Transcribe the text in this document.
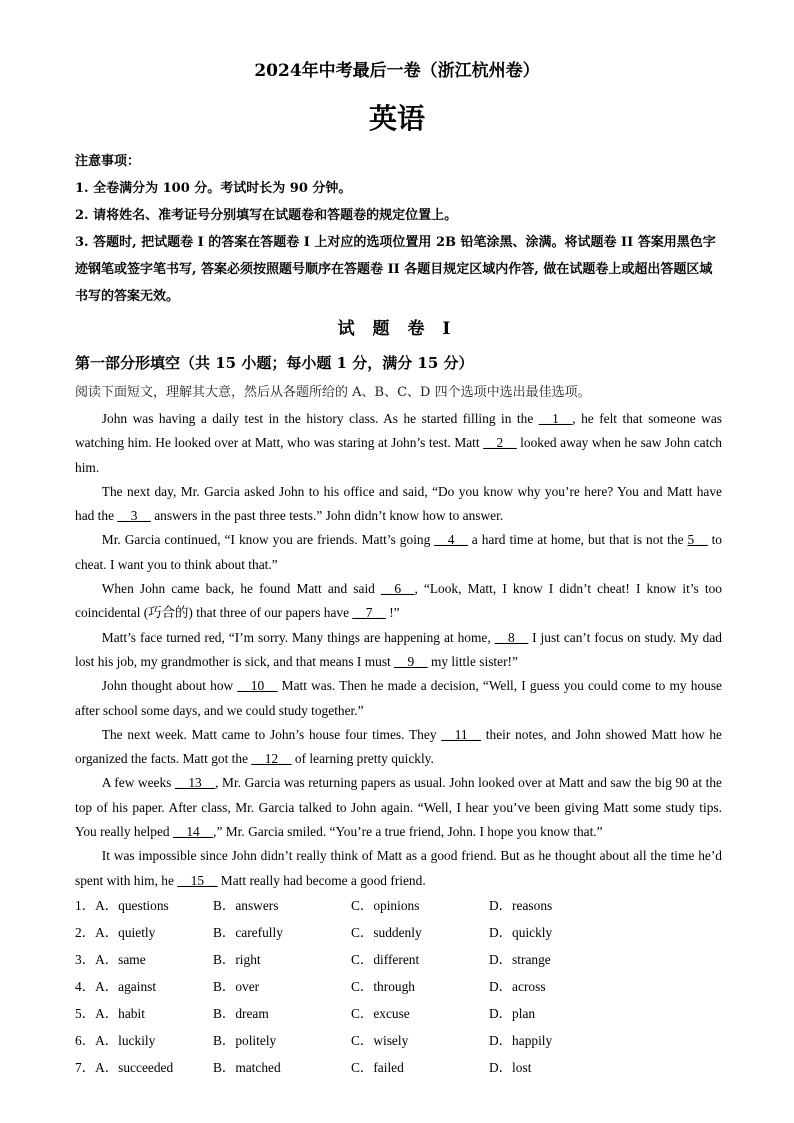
2024年中考最后一卷（浙江杭州卷）
英语
注意事项：
1. 全卷满分为 100 分。考试时长为 90 分钟。
2. 请将姓名、准考证号分别填写在试题卷和答题卷的规定位置上。
3. 答题时, 把试题卷 I 的答案在答题卷 I 上对应的选项位置用 2B 铅笔涂黑、涂满。将试题卷 II 答案用黑色字迹钢笔或签字笔书写, 答案必须按照题号顺序在答题卷 II 各题目规定区域内作答, 做在试题卷上或超出答题区域书写的答案无效。
试 题 卷 I
第一部分形填空（共 15 小题；每小题 1 分，满分 15 分）
阅读下面短文，理解其大意，然后从各题所给的 A、B、C、D 四个选项中选出最佳选项。

John was having a daily test in the history class. As he started filling in the __1__, he felt that someone was watching him. He looked over at Matt, who was staring at John’s test. Matt __2__ looked away when he saw John catch him.

The next day, Mr. Garcia asked John to his office and said, “Do you know why you’re here? You and Matt have had the __3__ answers in the past three tests.” John didn’t know how to answer.

Mr. Garcia continued, “I know you are friends. Matt’s going __4__ a hard time at home, but that is not the 5__ to cheat. I want you to think about that.”

When John came back, he found Matt and said __6__, “Look, Matt, I know I didn’t cheat! I know it’s too coincidental (巧合的) that three of our papers have __7__ !”

Matt’s face turned red, “I’m sorry. Many things are happening at home, __8__ I just can’t focus on study. My dad lost his job, my grandmother is sick, and that means I must __9__ my little sister!”

John thought about how __10__ Matt was. Then he made a decision, “Well, I guess you could come to my house after school some days, and we could study together.”

The next week. Matt came to John’s house four times. They __11__ their notes, and John showed Matt how he organized the facts. Matt got the __12__ of learning pretty quickly.

A few weeks __13__, Mr. Garcia was returning papers as usual. John looked over at Matt and saw the big 90 at the top of his paper. After class, Mr. Garcia talked to John again. “Well, I hear you’ve been giving Matt some study tips. You really helped __14__,” Mr. Garcia smiled. “You’re a true friend, John. I hope you know that.”

It was impossible since John didn’t really think of Matt as a good friend. But as he thought about all the time he’d spent with him, he __15__ Matt really had become a good friend.

1．A．questions	B．answers	C．opinions	D．reasons
2．A．quietly	B．carefully	C．suddenly	D．quickly
3．A．same	B．right	C．different	D．strange
4．A．against	B．over	C．through	D．across
5．A．habit	B．dream	C．excuse	D．plan
6．A．luckily	B．politely	C．wisely	D．happily
7．A．succeeded	B．matched	C．failed	D．lost
